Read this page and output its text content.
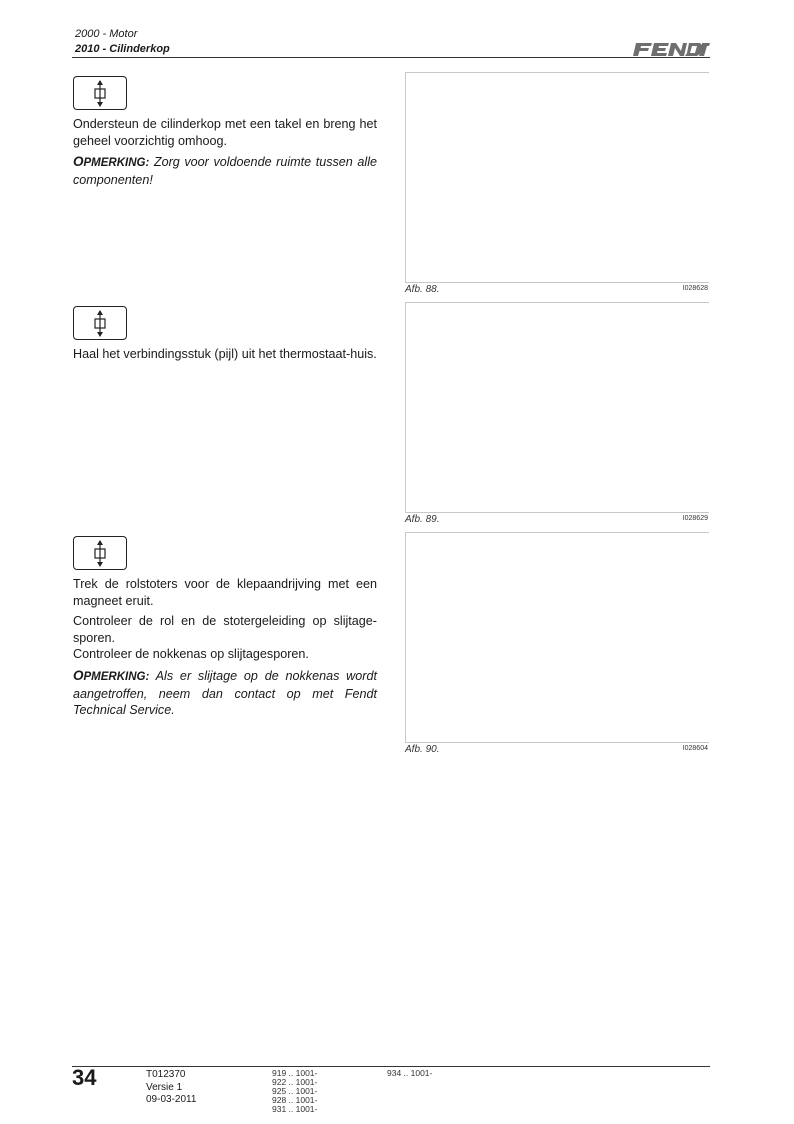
2000 - Motor
2010 - Cilinderkop
Ondersteun de cilinderkop met een takel en breng het geheel voorzichtig omhoog.
OPMERKING: Zorg voor voldoende ruimte tussen alle componenten!
Afb. 88.	I028628
Haal het verbindingsstuk (pijl) uit het thermostaat-huis.
Afb. 89.	I028629
Trek de rolstoters voor de klepaandrijving met een magneet eruit.
Controleer de rol en de stotergeleiding op slijtage-sporen.
Controleer de nokkenas op slijtagesporen.
OPMERKING: Als er slijtage op de nokkenas wordt aangetroffen, neem dan contact op met Fendt Technical Service.
Afb. 90.	I028604
34	T012370
Versie 1
09-03-2011
919 .. 1001-
922 .. 1001-
925 .. 1001-
928 .. 1001-
931 .. 1001-
934 .. 1001-
